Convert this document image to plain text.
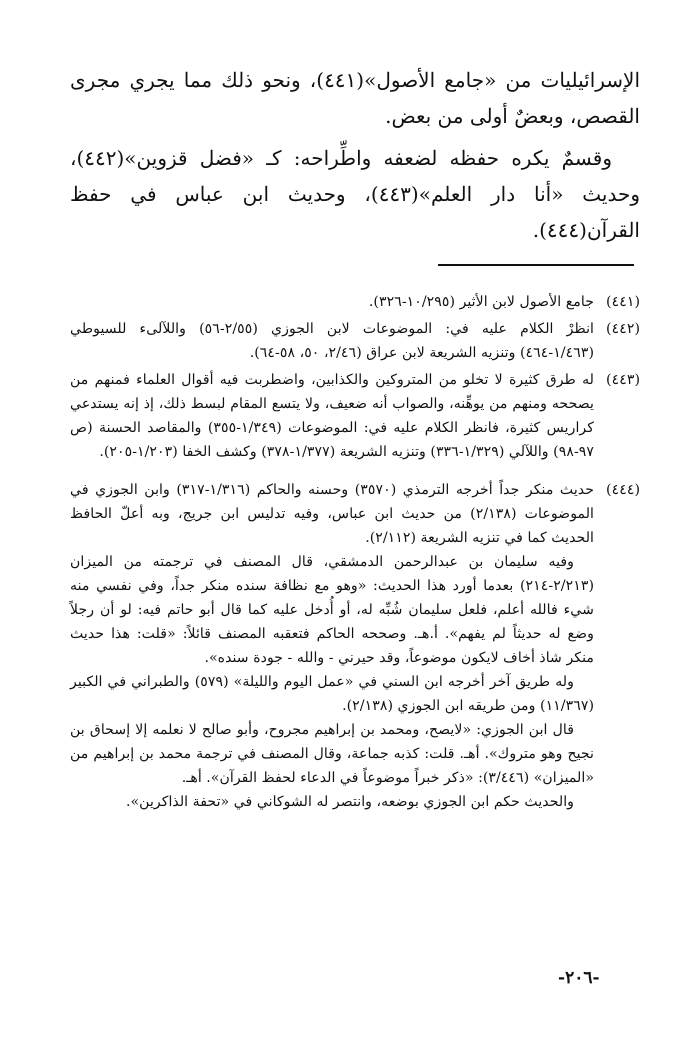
الإسرائيليات من «جامع الأصول»(٤٤١)، ونحو ذلك مما يجري مجرى القصص، وبعضٌ أولى من بعض.

وقسمٌ يكره حفظه لضعفه واطِّراحه: كـ «فضل قزوين»(٤٤٢)، وحديث «أنا دار العلم»(٤٤٣)، وحديث ابن عباس في حفظ القرآن(٤٤٤).

(٤٤١)

جامع الأصول لابن الأثير (١٠/٢٩٥-٣٢٦).

(٤٤٢)

انظرْ الكلام عليه في: الموضوعات لابن الجوزي (٢/٥٥-٥٦) واللآلىء للسيوطي (١/٤٦٣-٤٦٤) وتنزيه الشريعة لابن عراق (٢/٤٦، ٥٠، ٥٨-٦٤).

(٤٤٣)

له طرق كثيرة لا تخلو من المتروكين والكذابين، واضطربت فيه أقوال العلماء فمنهم من يصححه ومنهم من يوهِّنه، والصواب أنه ضعيف، ولا يتسع المقام لبسط ذلك، إذ إنه يستدعي كراريس كثيرة، فانظر الكلام عليه في: الموضوعات (١/٣٤٩-٣٥٥) والمقاصد الحسنة (ص ٩٧-٩٨) واللآلي (١/٣٢٩-٣٣٦) وتنزيه الشريعة (١/٣٧٧-٣٧٨) وكشف الخفا (١/٢٠٣-٢٠٥).

(٤٤٤)

حديث منكر جداً أخرجه الترمذي (٣٥٧٠) وحسنه والحاكم (١/٣١٦-٣١٧) وابن الجوزي في الموضوعات (٢/١٣٨) من حديث ابن عباس، وفيه تدليس ابن جريج، وبه أعلّ الحافظ الحديث كما في تنزيه الشريعة (٢/١١٢).

وفيه سليمان بن عبدالرحمن الدمشقي، قال المصنف في ترجمته من الميزان (٢/٢١٣-٢١٤) بعدما أورد هذا الحديث: «وهو مع نظافة سنده منكر جداً، وفي نفسي منه شيء فالله أعلم، فلعل سليمان شُبِّه له، أو أُدخل عليه كما قال أبو حاتم فيه: لو أن رجلاً وضع له حديثاً لم يفهم». أ.هـ. وصححه الحاكم فتعقبه المصنف قائلاً: «قلت: هذا حديث منكر شاذ أخاف لايكون موضوعاً، وقد حيرني - والله - جودة سنده».

وله طريق آخر أخرجه ابن السني في «عمل اليوم والليلة» (٥٧٩) والطبراني في الكبير (١١/٣٦٧) ومن طريقه ابن الجوزي (٢/١٣٨).

قال ابن الجوزي: «لايصح، ومحمد بن إبراهيم مجروح، وأبو صالح لا نعلمه إلا إسحاق بن نجيح وهو متروك». أهـ. قلت: كذبه جماعة، وقال المصنف في ترجمة محمد بن إبراهيم من «الميزان» (٣/٤٤٦): «ذكر خبراً موضوعاً في الدعاء لحفظ القرآن». أهـ.

والحديث حكم ابن الجوزي بوضعه، وانتصر له الشوكاني في «تحفة الذاكرين».

-٢٠٦-
